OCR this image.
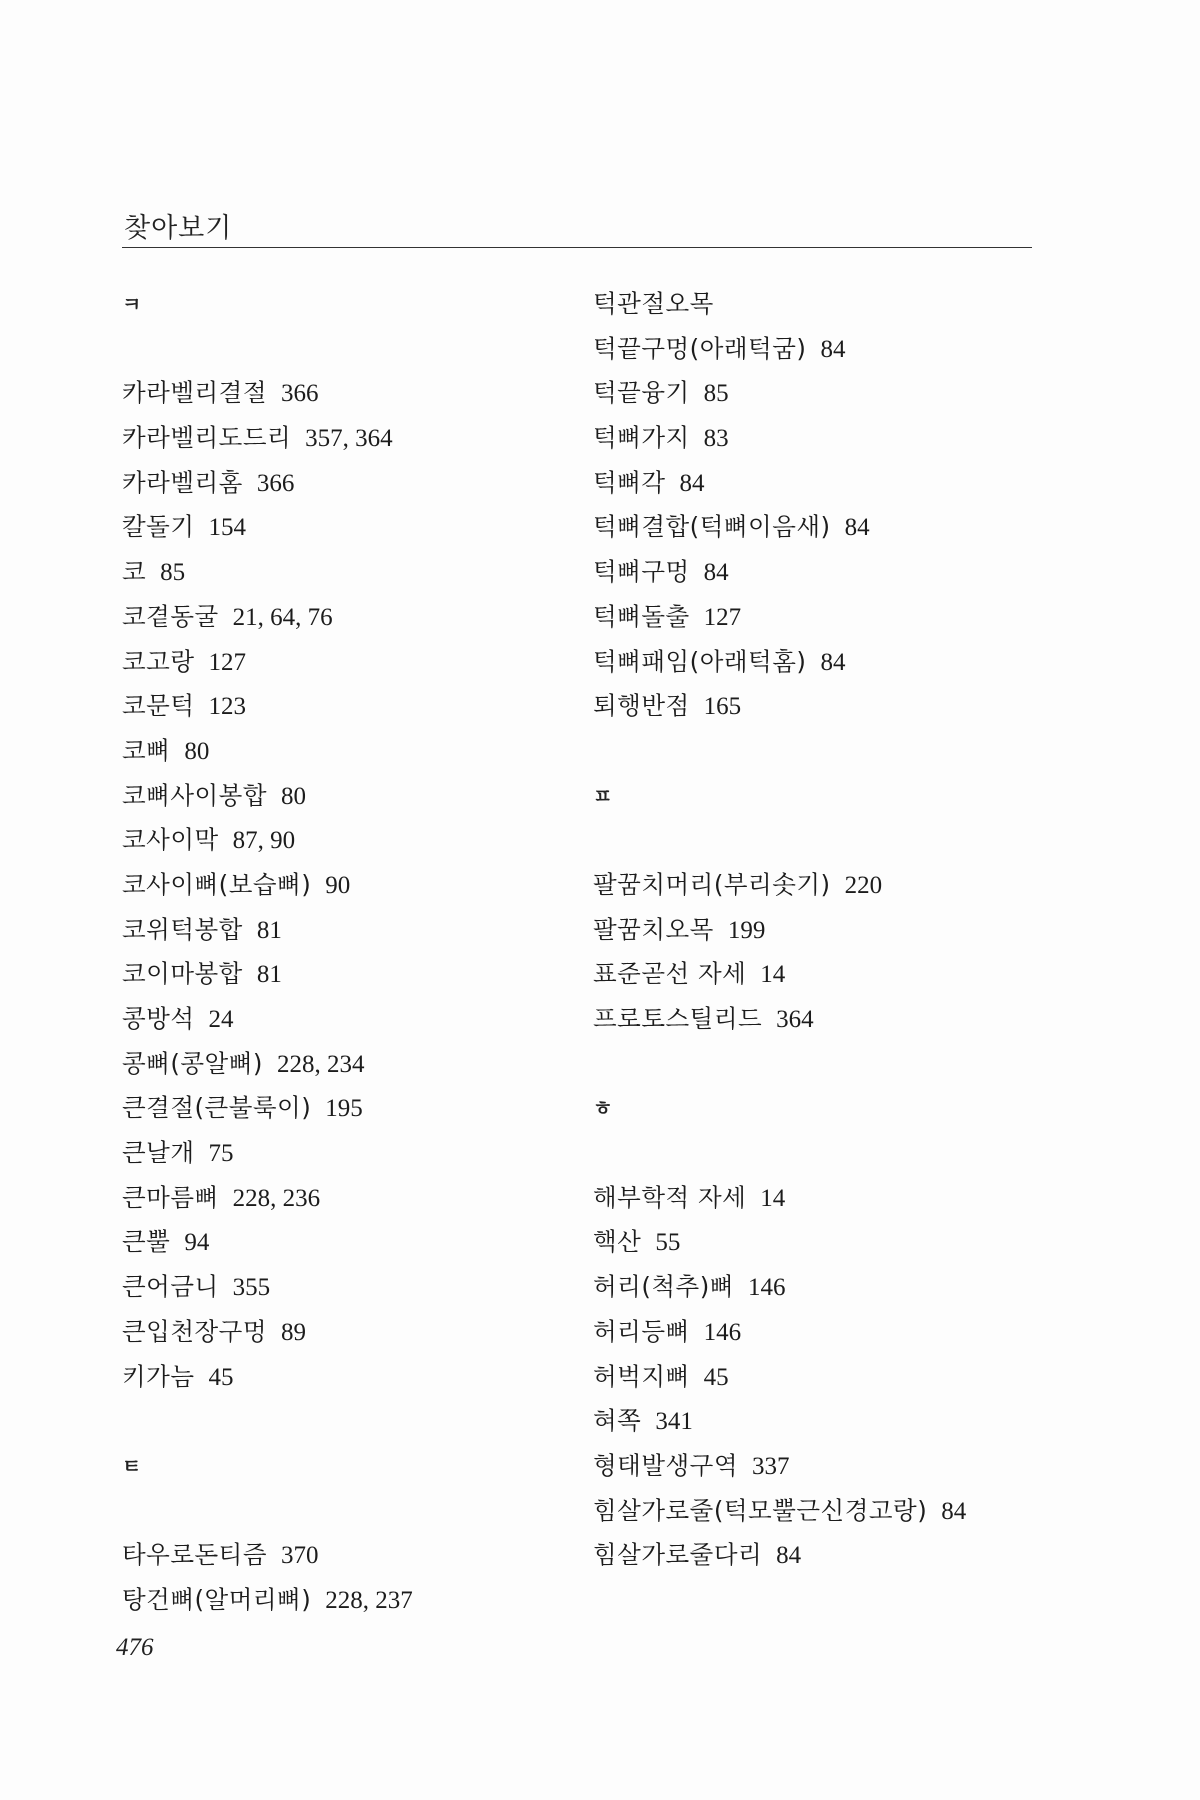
찾아보기
ㅋ
카라벨리결절 366
카라벨리도드리 357, 364
카라벨리홈 366
칼돌기 154
코 85
코곁동굴 21, 64, 76
코고랑 127
코문턱 123
코뼈 80
코뼈사이봉합 80
코사이막 87, 90
코사이뼈(보습뼈) 90
코위턱봉합 81
코이마봉합 81
콩방석 24
콩뼈(콩알뼈) 228, 234
큰결절(큰불룩이) 195
큰날개 75
큰마름뼈 228, 236
큰뿔 94
큰어금니 355
큰입천장구멍 89
키가늠 45
ㅌ
타우로돈티즘 370
탕건뼈(알머리뼈) 228, 237
턱관절오목
턱끝구멍(아래턱굼) 84
턱끝융기 85
턱뼈가지 83
턱뼈각 84
턱뼈결합(턱뼈이음새) 84
턱뼈구멍 84
턱뼈돌출 127
턱뼈패임(아래턱홈) 84
퇴행반점 165
ㅍ
팔꿈치머리(부리솟기) 220
팔꿈치오목 199
표준곧선 자세 14
프로토스틸리드 364
ㅎ
해부학적 자세 14
핵산 55
허리(척추)뼈 146
허리등뼈 146
허벅지뼈 45
혀쪽 341
형태발생구역 337
힘살가로줄(턱모뿔근신경고랑) 84
힘살가로줄다리 84
476
